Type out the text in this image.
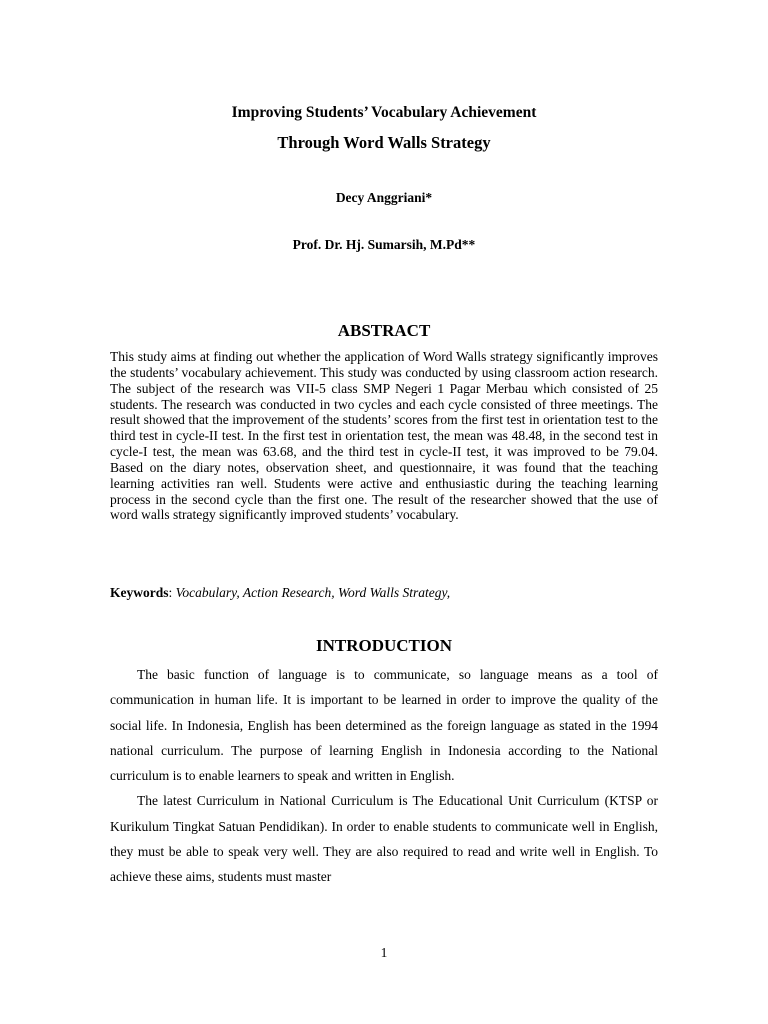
Improving Students’ Vocabulary Achievement
Through Word Walls Strategy
Decy Anggriani*
Prof. Dr. Hj. Sumarsih, M.Pd**
ABSTRACT
This study aims at finding out whether the application of Word Walls strategy significantly improves the students’ vocabulary achievement. This study was conducted by using classroom action research. The subject of the research was VII-5 class SMP Negeri 1 Pagar Merbau which consisted of 25 students. The research was conducted in two cycles and each cycle consisted of three meetings. The result showed that the improvement of the students’ scores from the first test in orientation test to the third test in cycle-II test. In the first test in orientation test, the mean was 48.48, in the second test in cycle-I test, the mean was 63.68, and the third test in cycle-II test, it was improved to be 79.04. Based on the diary notes, observation sheet, and questionnaire, it was found that the teaching learning activities ran well. Students were active and enthusiastic during the teaching learning process in the second cycle than the first one. The result of the researcher showed that the use of word walls strategy significantly improved students’ vocabulary.
Keywords: Vocabulary, Action Research, Word Walls Strategy,
INTRODUCTION

The basic function of language is to communicate, so language means as a tool of communication in human life. It is important to be learned in order to improve the quality of the social life. In Indonesia, English has been determined as the foreign language as stated in the 1994 national curriculum. The purpose of learning English in Indonesia according to the National curriculum is to enable learners to speak and written in English.

The latest Curriculum in National Curriculum is The Educational Unit Curriculum (KTSP or Kurikulum Tingkat Satuan Pendidikan). In order to enable students to communicate well in English, they must be able to speak very well. They are also required to read and write well in English. To achieve these aims, students must master

1
